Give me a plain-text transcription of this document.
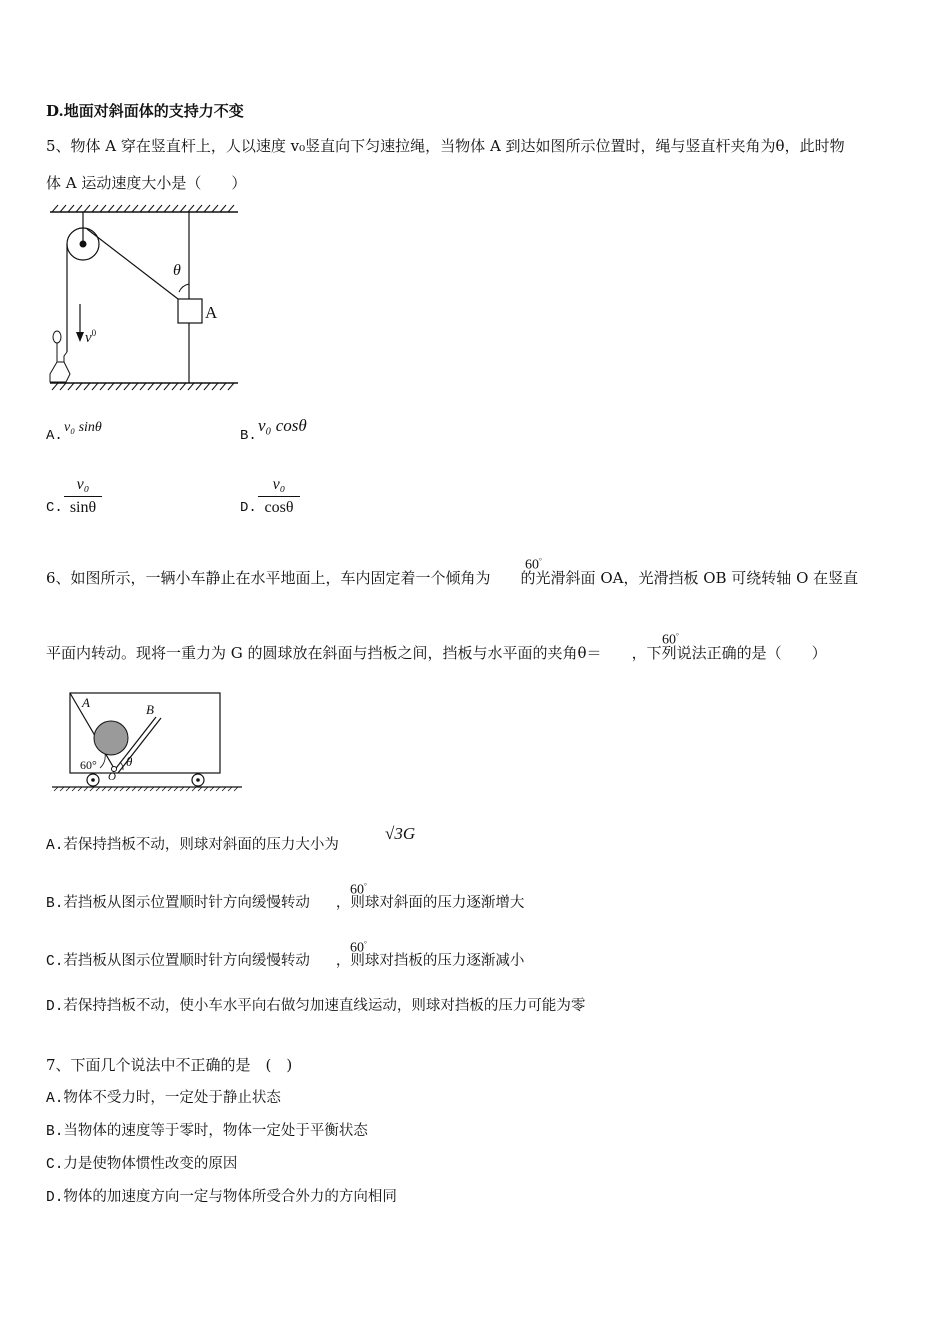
D.地面对斜面体的支持力不变
5、物体 A 穿在竖直杆上，人以速度 v₀竖直向下匀速拉绳，当物体 A 到达如图所示位置时，绳与竖直杆夹角为θ，此时物
体 A 运动速度大小是（　　）
θ
A
$v^0$
A.
v₀ sinθ
B.
v₀ cosθ
C.
v₀
sinθ	D.
v₀
cosθ
6、如图所示，一辆小车静止在水平地面上，车内固定着一个倾角为 的光滑斜面 OA，光滑挡板 OB 可绕转轴 O 在竖直
60°
平面内转动。现将一重力为 G 的圆球放在斜面与挡板之间，挡板与水平面的夹角θ＝ ，下列说法正确的是（　　）
60°
A	B
60° θ
O
A.若保持挡板不动，则球对斜面的压力大小为
√3G
B.若挡板从图示位置顺时针方向缓慢转动 ，则球对斜面的压力逐渐增大
60°
C.若挡板从图示位置顺时针方向缓慢转动 ，则球对挡板的压力逐渐减小
60°
D.若保持挡板不动，使小车水平向右做匀加速直线运动，则球对挡板的压力可能为零
7、下面几个说法中不正确的是　(　)
A.物体不受力时，一定处于静止状态
B.当物体的速度等于零时，物体一定处于平衡状态
C.力是使物体惯性改变的原因
D.物体的加速度方向一定与物体所受合外力的方向相同
